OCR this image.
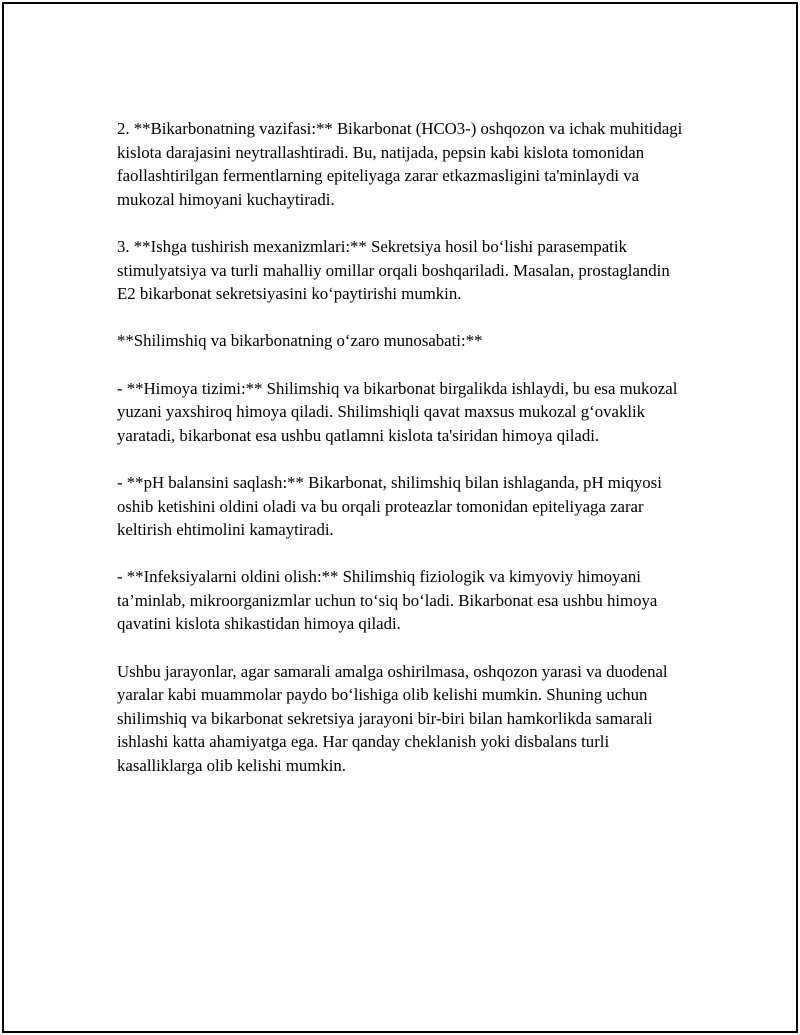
2. **Bikarbonatning vazifasi:** Bikarbonat (HCO3-) oshqozon va ichak muhitidagi kislota darajasini neytrallashtiradi. Bu, natijada, pepsin kabi kislota tomonidan faollashtirilgan fermentlarning epiteliyaga zarar etkazmasligini ta'minlaydi va mukozal himoyani kuchaytiradi.

3. **Ishga tushirish mexanizmlari:** Sekretsiya hosil bo‘lishi parasempatik stimulyatsiya va turli mahalliy omillar orqali boshqariladi. Masalan, prostaglandin E2 bikarbonat sekretsiyasini ko‘paytirishi mumkin.

**Shilimshiq va bikarbonatning o‘zaro munosabati:**

- **Himoya tizimi:** Shilimshiq va bikarbonat birgalikda ishlaydi, bu esa mukozal yuzani yaxshiroq himoya qiladi. Shilimshiqli qavat maxsus mukozal g‘ovaklik yaratadi, bikarbonat esa ushbu qatlamni kislota ta'siridan himoya qiladi.

- **pH balansini saqlash:** Bikarbonat, shilimshiq bilan ishlaganda, pH miqyosi oshib ketishini oldini oladi va bu orqali proteazlar tomonidan epiteliyaga zarar keltirish ehtimolini kamaytiradi.

- **Infeksiyalarni oldini olish:** Shilimshiq fiziologik va kimyoviy himoyani ta’minlab, mikroorganizmlar uchun to‘siq bo‘ladi. Bikarbonat esa ushbu himoya qavatini kislota shikastidan himoya qiladi.

Ushbu jarayonlar, agar samarali amalga oshirilmasa, oshqozon yarasi va duodenal yaralar kabi muammolar paydo bo‘lishiga olib kelishi mumkin. Shuning uchun shilimshiq va bikarbonat sekretsiya jarayoni bir-biri bilan hamkorlikda samarali ishlashi katta ahamiyatga ega. Har qanday cheklanish yoki disbalans turli kasalliklarga olib kelishi mumkin.
